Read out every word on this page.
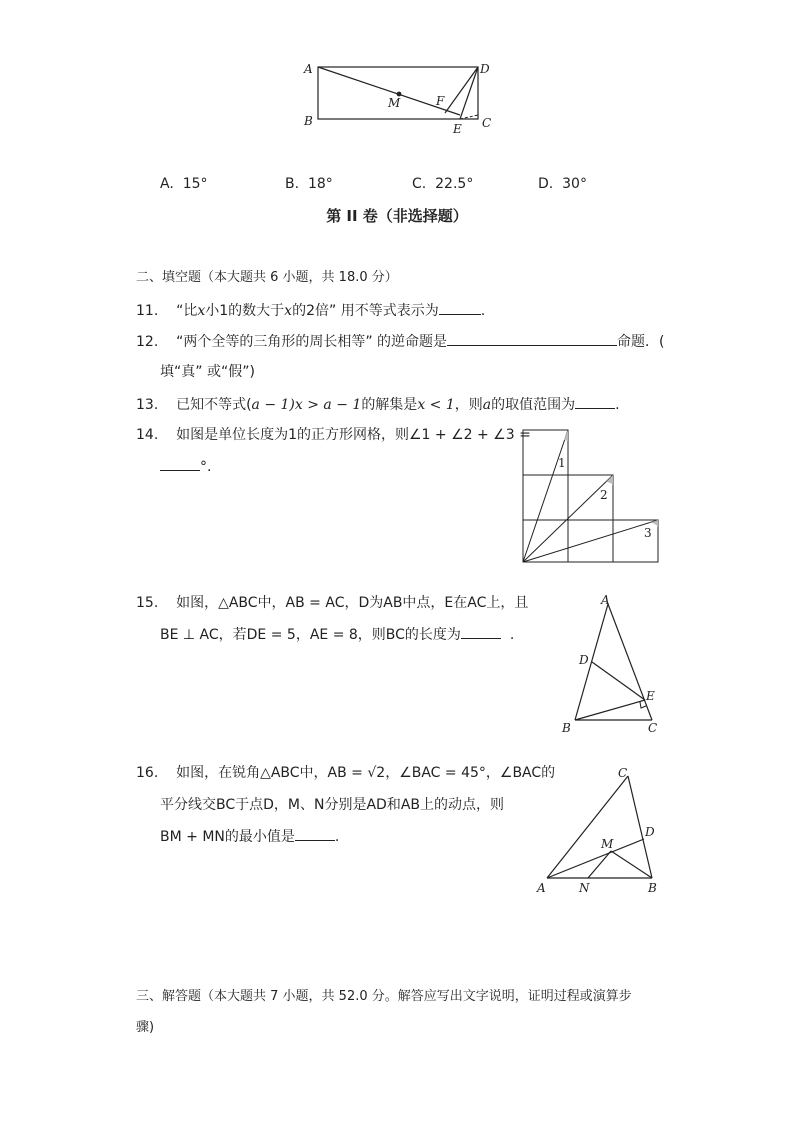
A
B	C
D
E
F
M
A. 15°	B. 18°	C. 22.5°	D. 30°
第 II 卷（非选择题）
二、填空题（本大题共 6 小题，共 18.0 分）
11. “比x小1的数大于x的2倍” 用不等式表示为	.
12. “两个全等的三角形的周长相等” 的逆命题是	命题．(
填“真” 或“假”)
13. 已知不等式(a − 1)x > a − 1的解集是x < 1，则a的取值范围为	.
14. 如图是单位长度为1的正方形网格，则∠1 + ∠2 + ∠3 =
°.	1
2
3
15. 如图，△ABC中，AB = AC，D为AB中点，E在AC上，且
BE ⊥ AC，若DE = 5，AE = 8，则BC的长度为	.
A
D
E
B	C
16. 如图，在锐角△ABC中，AB = √2，∠BAC = 45°，∠BAC的
平分线交BC于点D，M、N分别是AD和AB上的动点，则
BM + MN的最小值是	.
C
D
M
A	N	B
三、解答题（本大题共 7 小题，共 52.0 分。解答应写出文字说明，证明过程或演算步
骤)
